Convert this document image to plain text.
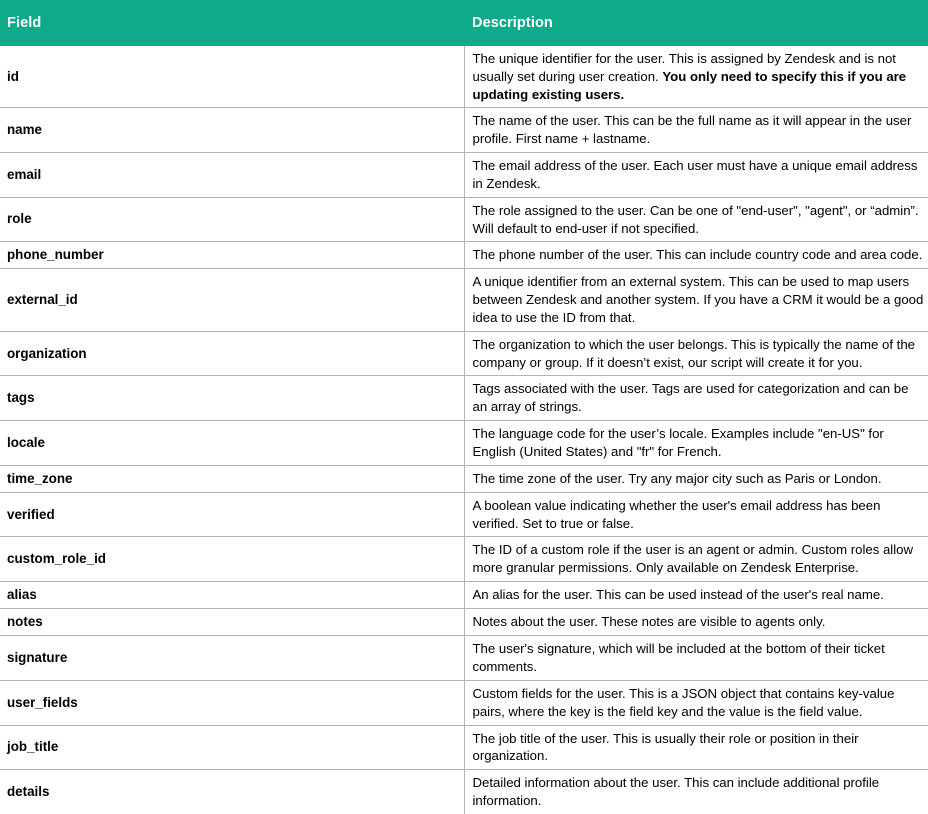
Field	Description
id	The unique identifier for the user. This is assigned by Zendesk and is not usually set during user creation. You only need to specify this if you are updating existing users.
name	The name of the user. This can be the full name as it will appear in the user profile. First name + lastname.
email	The email address of the user. Each user must have a unique email address in Zendesk.
role	The role assigned to the user. Can be one of "end-user", "agent", or “admin”. Will default to end-user if not specified.
phone_number	The phone number of the user. This can include country code and area code.
external_id	A unique identifier from an external system. This can be used to map users between Zendesk and another system. If you have a CRM it would be a good idea to use the ID from that.
organization	The organization to which the user belongs. This is typically the name of the company or group. If it doesn’t exist, our script will create it for you.
tags	Tags associated with the user. Tags are used for categorization and can be an array of strings.
locale	The language code for the user’s locale. Examples include "en-US" for English (United States) and "fr" for French.
time_zone	The time zone of the user. Try any major city such as Paris or London.
verified	A boolean value indicating whether the user's email address has been verified. Set to true or false.
custom_role_id	The ID of a custom role if the user is an agent or admin. Custom roles allow more granular permissions. Only available on Zendesk Enterprise.
alias	An alias for the user. This can be used instead of the user's real name.
notes	Notes about the user. These notes are visible to agents only.
signature	The user's signature, which will be included at the bottom of their ticket comments.
user_fields	Custom fields for the user. This is a JSON object that contains key-value pairs, where the key is the field key and the value is the field value.
job_title	The job title of the user. This is usually their role or position in their organization.
details	Detailed information about the user. This can include additional profile information.
